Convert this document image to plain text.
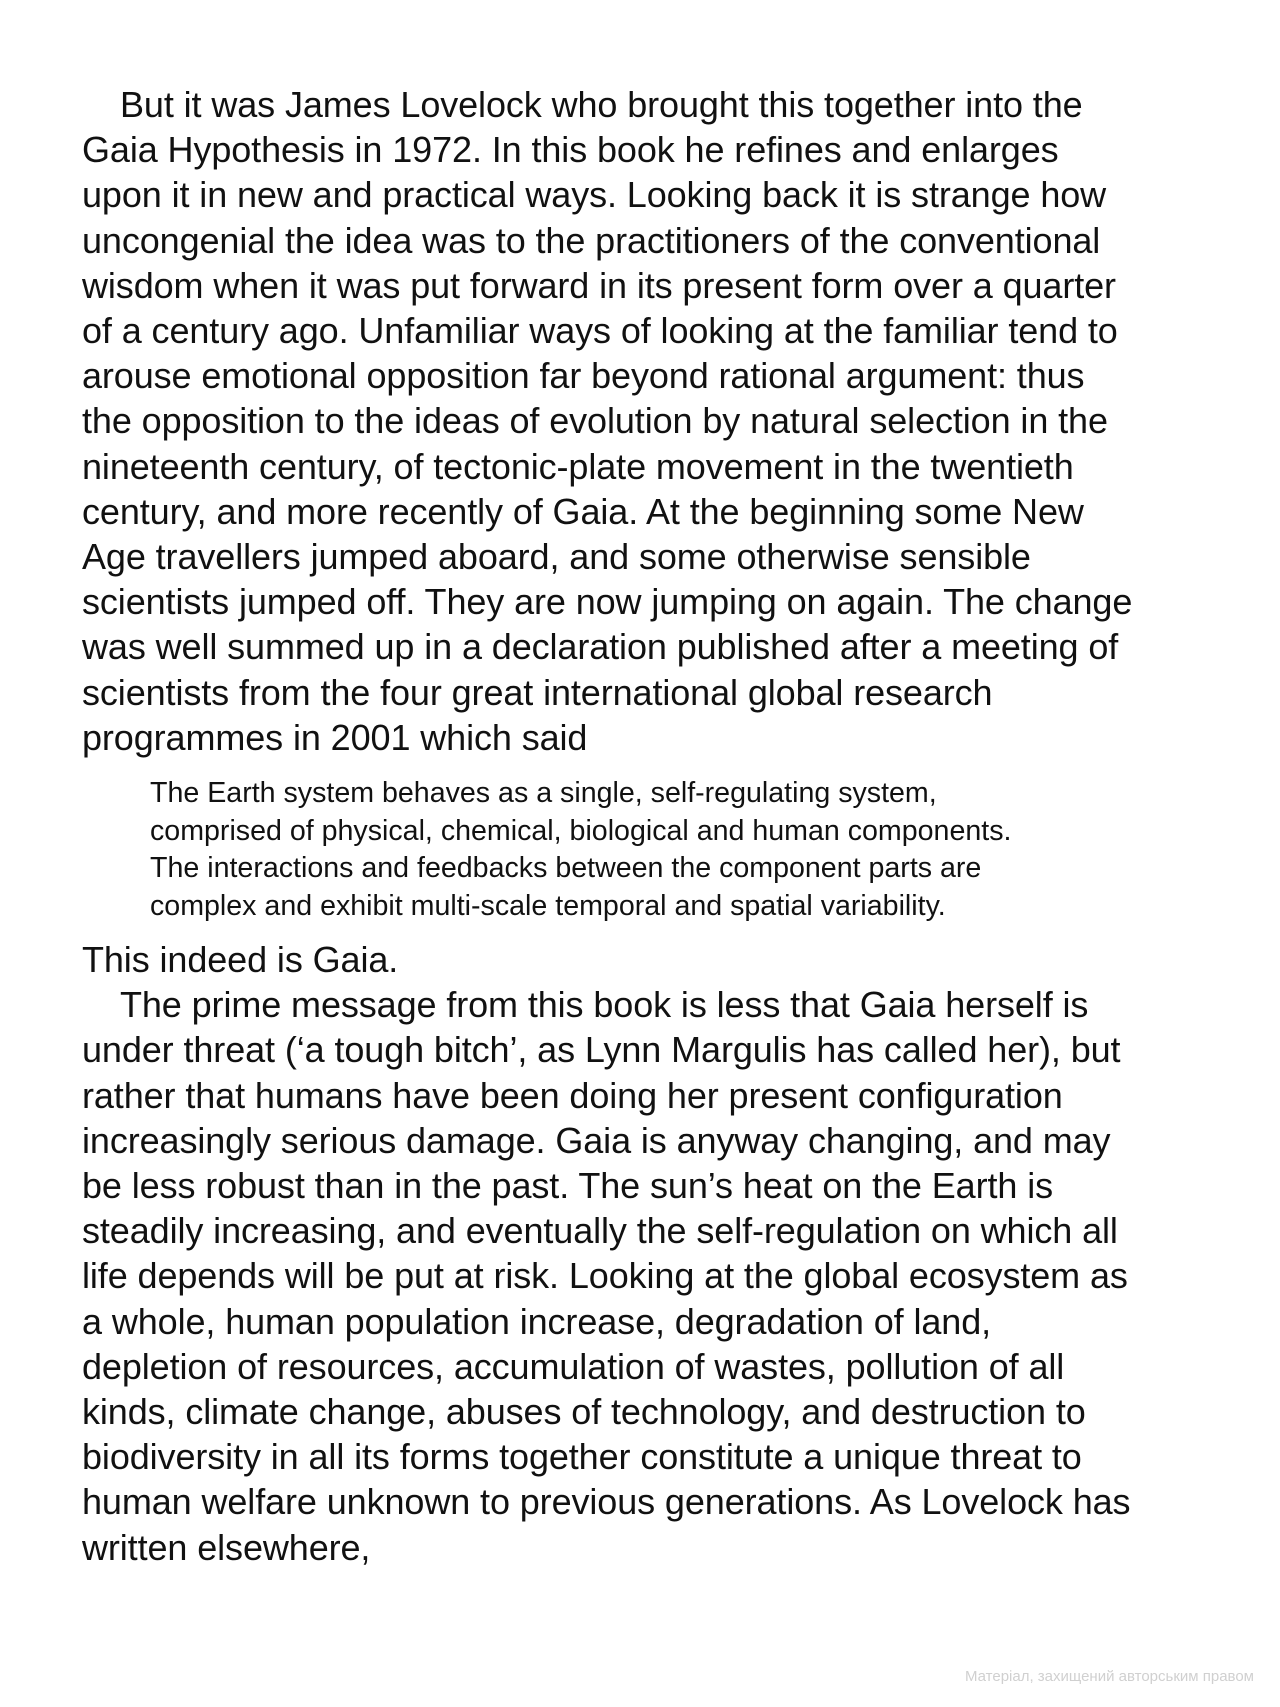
But it was James Lovelock who brought this together into the
Gaia Hypothesis in 1972. In this book he refines and enlarges
upon it in new and practical ways. Looking back it is strange how
uncongenial the idea was to the practitioners of the conventional
wisdom when it was put forward in its present form over a quarter
of a century ago. Unfamiliar ways of looking at the familiar tend to
arouse emotional opposition far beyond rational argument: thus
the opposition to the ideas of evolution by natural selection in the
nineteenth century, of tectonic-plate movement in the twentieth
century, and more recently of Gaia. At the beginning some New
Age travellers jumped aboard, and some otherwise sensible
scientists jumped off. They are now jumping on again. The change
was well summed up in a declaration published after a meeting of
scientists from the four great international global research
programmes in 2001 which said
The Earth system behaves as a single, self-regulating system,
comprised of physical, chemical, biological and human components.
The interactions and feedbacks between the component parts are
complex and exhibit multi-scale temporal and spatial variability.
This indeed is Gaia.
The prime message from this book is less that Gaia herself is
under threat (‘a tough bitch’, as Lynn Margulis has called her), but
rather that humans have been doing her present configuration
increasingly serious damage. Gaia is anyway changing, and may
be less robust than in the past. The sun’s heat on the Earth is
steadily increasing, and eventually the self-regulation on which all
life depends will be put at risk. Looking at the global ecosystem as
a whole, human population increase, degradation of land,
depletion of resources, accumulation of wastes, pollution of all
kinds, climate change, abuses of technology, and destruction to
biodiversity in all its forms together constitute a unique threat to
human welfare unknown to previous generations. As Lovelock has
written elsewhere,
Матеріал, захищений авторським правом
